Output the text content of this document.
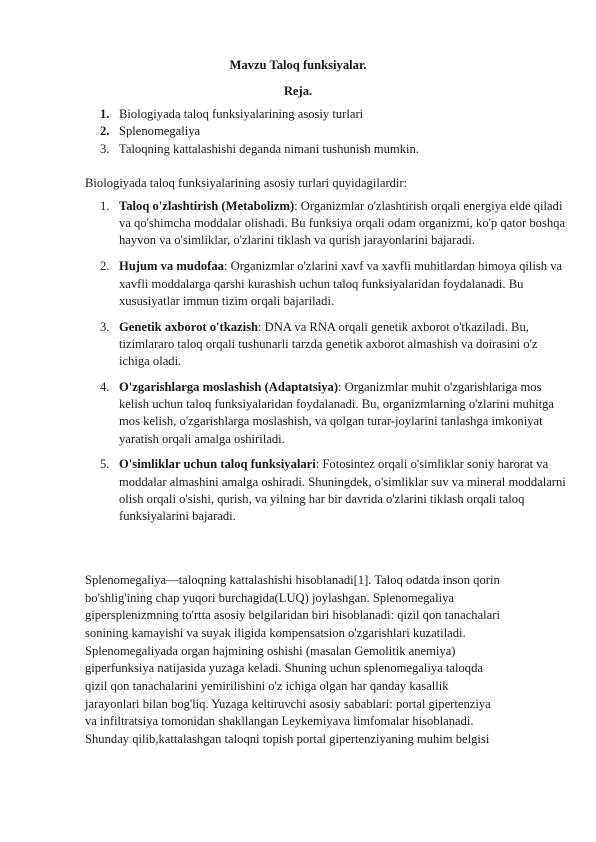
Mavzu Taloq funksiyalar.
Reja.
1. Biologiyada taloq funksiyalarining asosiy turlari
2. Splenomegaliya
3. Taloqning kattalashishi deganda nimani tushunish mumkin.
Biologiyada taloq funksiyalarining asosiy turlari quyidagilardir:
1. Taloq o'zlashtirish (Metabolizm): Organizmlar o'zlashtirish orqali energiya elde qiladi va qo'shimcha moddalar olishadi. Bu funksiya orqali odam organizmi, ko'p qator boshqa hayvon va o'simliklar, o'zlarini tiklash va qurish jarayonlarini bajaradi.
2. Hujum va mudofaa: Organizmlar o'zlarini xavf va xavfli muhitlardan himoya qilish va xavfli moddalarga qarshi kurashish uchun taloq funksiyalaridan foydalanadi. Bu xususiyatlar immun tizim orqali bajariladi.
3. Genetik axborot o'tkazish: DNA va RNA orqali genetik axborot o'tkaziladi. Bu, tizimlararo taloq orqali tushunarli tarzda genetik axborot almashish va doirasini o'z ichiga oladi.
4. O'zgarishlarga moslashish (Adaptatsiya): Organizmlar muhit o'zgarishlariga mos kelish uchun taloq funksiyalaridan foydalanadi. Bu, organizmlarning o'zlarini muhitga mos kelish, o'zgarishlarga moslashish, va qolgan turar-joylarini tanlashga imkoniyat yaratish orqali amalga oshiriladi.
5. O'simliklar uchun taloq funksiyalari: Fotosintez orqali o'simliklar soniy harorat va moddalar almashini amalga oshiradi. Shuningdek, o'simliklar suv va mineral moddalarni olish orqali o'sishi, qurish, va yilning har bir davrida o'zlarini tiklash orqali taloq funksiyalarini bajaradi.
Splenomegaliya—taloqning kattalashishi hisoblanadi[1]. Taloq odatda inson qorin
bo'shlig'ining chap yuqori burchagida(LUQ) joylashgan. Splenomegaliya
gipersplenizmning to'rtta asosiy belgilaridan biri hisoblanadi: qizil qon tanachalari
sonining kamayishi va suyak iligida kompensatsion o'zgarishlari kuzatiladi.
Splenomegaliyada organ hajmining oshishi (masalan Gemolitik anemiya)
giperfunksiya natijasida yuzaga keladi. Shuning uchun splenomegaliya taloqda
qizil qon tanachalarini yemirilishini o'z ichiga olgan har qanday kasallik
jarayonlari bilan bog'liq. Yuzaga keltiruvchi asosiy sabablari: portal gipertenziya
va infiltratsiya tomonidan shakllangan Leykemiyava limfomalar hisoblanadi.
Shunday qilib,kattalashgan taloqni topish portal gipertenziyaning muhim belgisi
